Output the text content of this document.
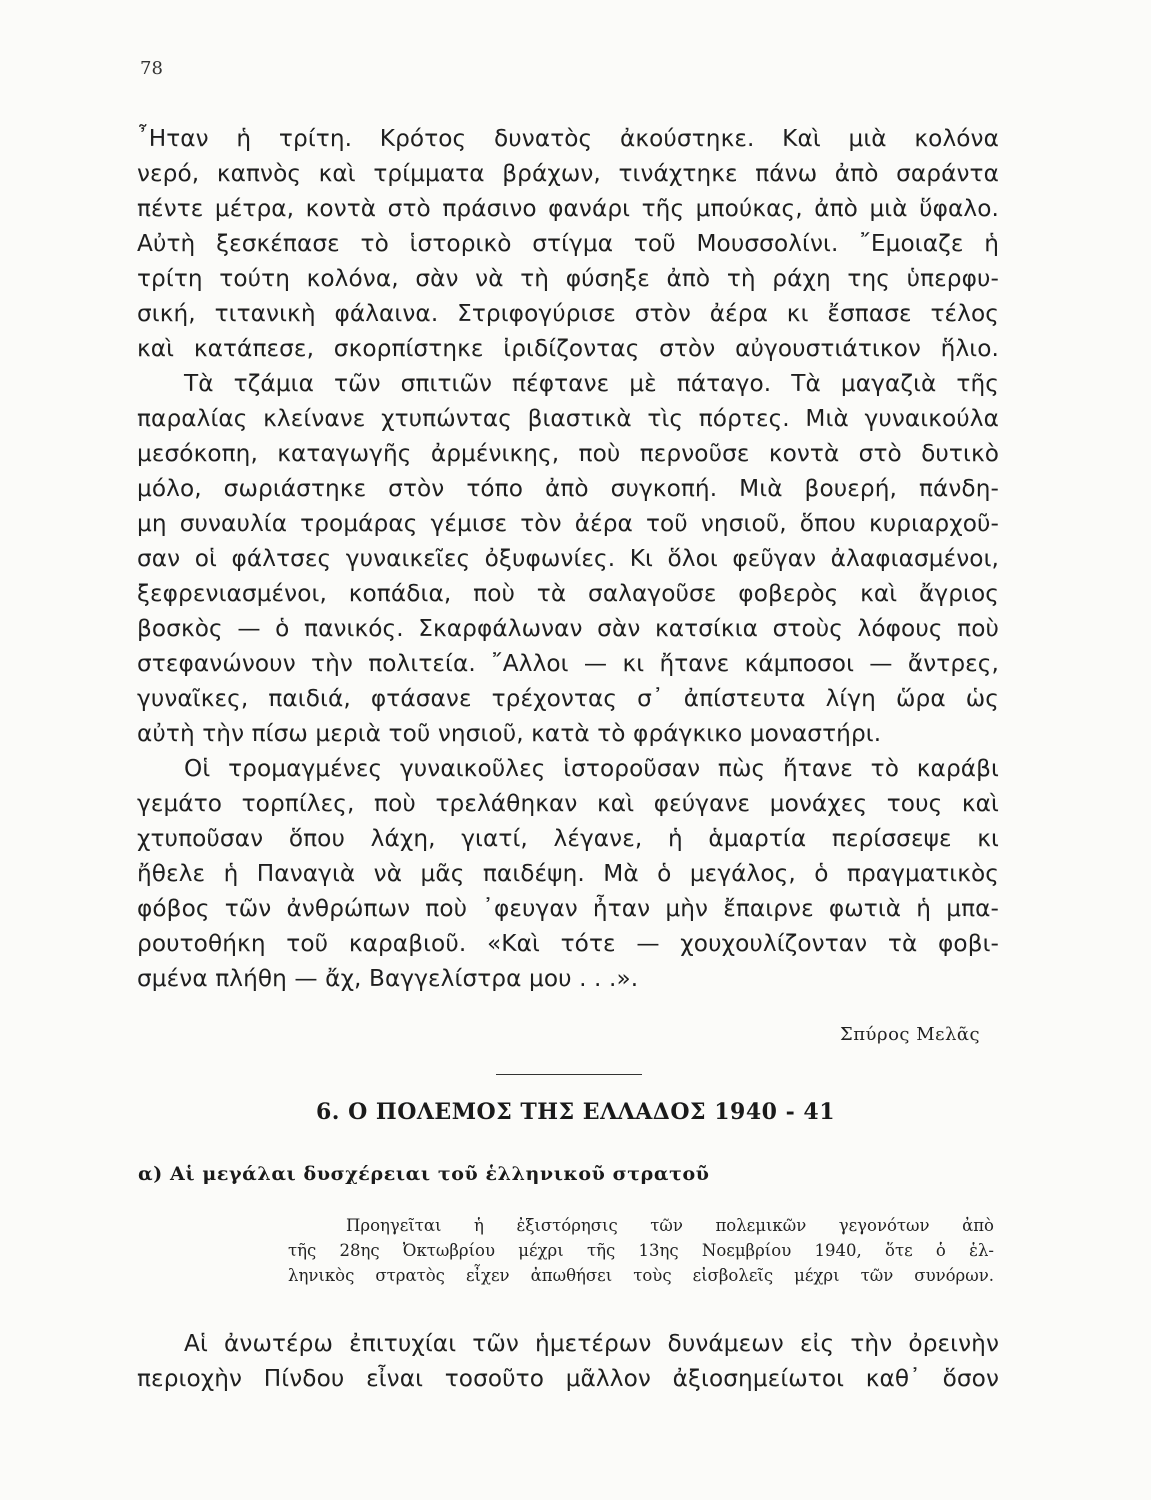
78
῏Ηταν ἡ τρίτη. Κρότος δυνατὸς ἀκούστηκε. Καὶ μιὰ κολόνα
νερό, καπνὸς καὶ τρίμματα βράχων, τινάχτηκε πάνω ἀπὸ σαράντα
πέντε μέτρα, κοντὰ στὸ πράσινο φανάρι τῆς μπούκας, ἀπὸ μιὰ ὕφαλο.
Αὐτὴ ξεσκέπασε τὸ ἱστορικὸ στίγμα τοῦ Μουσσολίνι. ῎Εμοιαζε ἡ
τρίτη τούτη κολόνα, σὰν νὰ τὴ φύσηξε ἀπὸ τὴ ράχη της ὑπερφυ-
σική, τιτανικὴ φάλαινα. Στριφογύρισε στὸν ἀέρα κι ἔσπασε τέλος
καὶ κατάπεσε, σκορπίστηκε ἰριδίζοντας στὸν αὐγουστιάτικον ἥλιο.
Τὰ τζάμια τῶν σπιτιῶν πέφτανε μὲ πάταγο. Τὰ μαγαζιὰ τῆς
παραλίας κλείνανε χτυπώντας βιαστικὰ τὶς πόρτες. Μιὰ γυναικούλα
μεσόκοπη, καταγωγῆς ἀρμένικης, ποὺ περνοῦσε κοντὰ στὸ δυτικὸ
μόλο, σωριάστηκε στὸν τόπο ἀπὸ συγκοπή. Μιὰ βουερή, πάνδη-
μη συναυλία τρομάρας γέμισε τὸν ἀέρα τοῦ νησιοῦ, ὅπου κυριαρχοῦ-
σαν οἱ φάλτσες γυναικεῖες ὀξυφωνίες. Κι ὅλοι φεῦγαν ἀλαφιασμένοι,
ξεφρενιασμένοι, κοπάδια, ποὺ τὰ σαλαγοῦσε φοβερὸς καὶ ἄγριος
βοσκὸς — ὁ πανικός. Σκαρφάλωναν σὰν κατσίκια στοὺς λόφους ποὺ
στεφανώνουν τὴν πολιτεία. ῎Αλλοι — κι ἤτανε κάμποσοι — ἄντρες,
γυναῖκες, παιδιά, φτάσανε τρέχοντας σ᾽ ἀπίστευτα λίγη ὥρα ὡς
αὐτὴ τὴν πίσω μεριὰ τοῦ νησιοῦ, κατὰ τὸ φράγκικο μοναστήρι.
Οἱ τρομαγμένες γυναικοῦλες ἱστοροῦσαν πὼς ἤτανε τὸ καράβι
γεμάτο τορπίλες, ποὺ τρελάθηκαν καὶ φεύγανε μονάχες τους καὶ
χτυποῦσαν ὅπου λάχη, γιατί, λέγανε, ἡ ἁμαρτία περίσσεψε κι
ἤθελε ἡ Παναγιὰ νὰ μᾶς παιδέψη. Μὰ ὁ μεγάλος, ὁ πραγματικὸς
φόβος τῶν ἀνθρώπων ποὺ ᾽φευγαν ἦταν μὴν ἔπαιρνε φωτιὰ ἡ μπα-
ρουτοθήκη τοῦ καραβιοῦ. «Καὶ τότε — χουχουλίζονταν τὰ φοβι-
σμένα πλήθη — ἄχ, Βαγγελίστρα μου . . .».
Σπύρος Μελᾶς
6. Ο ΠΟΛΕΜΟΣ ΤΗΣ ΕΛΛΑΔΟΣ 1940 - 41
α) Αἱ μεγάλαι δυσχέρειαι τοῦ ἑλληνικοῦ στρατοῦ
Προηγεῖται ἡ ἐξιστόρησις τῶν πολεμικῶν γεγονότων ἀπὸ
τῆς 28ης Ὀκτωβρίου μέχρι τῆς 13ης Νοεμβρίου 1940, ὅτε ὁ ἑλ-
ληνικὸς στρατὸς εἶχεν ἀπωθήσει τοὺς εἰσβολεῖς μέχρι τῶν συνόρων.
Αἱ ἀνωτέρω ἐπιτυχίαι τῶν ἡμετέρων δυνάμεων εἰς τὴν ὀρεινὴν
περιοχὴν Πίνδου εἶναι τοσοῦτο μᾶλλον ἀξιοσημείωτοι καθ᾽ ὅσον
